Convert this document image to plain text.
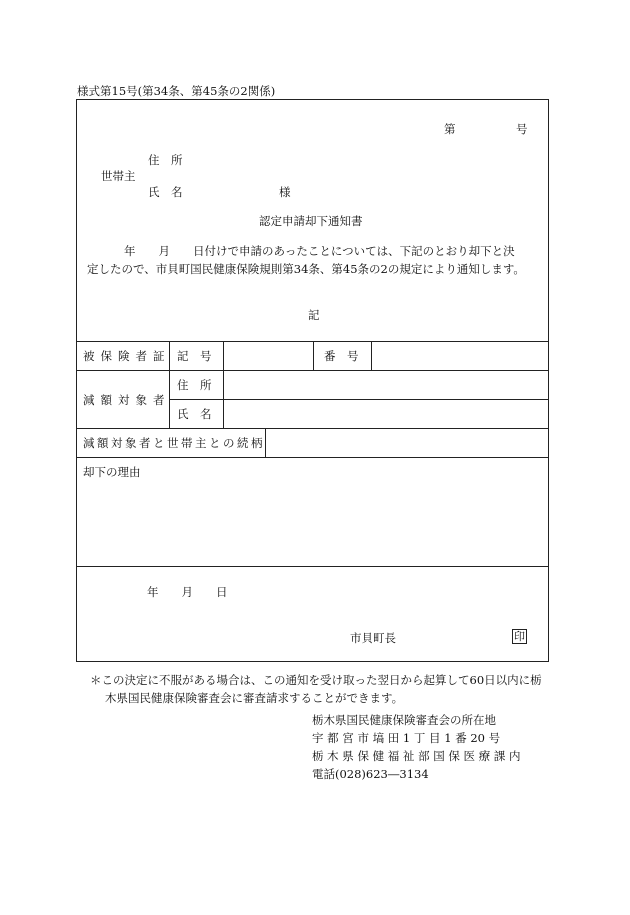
様式第15号(第34条、第45条の2関係)
第	号
住　所
世帯主
氏　名	様
認定申請却下通知書
年　　月　　日付けで申請のあったことについては、下記のとおり却下と決
定したので、市貝町国民健康保険規則第34条、第45条の2の規定により通知します。
記
被保険者証 記　号	番　号
減額対象者
住　所
氏　名
減額対象者と世帯主との続柄
却下の理由
年　　月　　日
市貝町長	印
＊この決定に不服がある場合は、この通知を受け取った翌日から起算して60日以内に栃
木県国民健康保険審査会に審査請求することができます。
栃木県国民健康保険審査会の所在地
宇 都 宮 市 塙 田 1 丁 目 1 番 20 号
栃 木 県 保 健 福 祉 部 国 保 医 療 課 内
電話(028)623―3134
